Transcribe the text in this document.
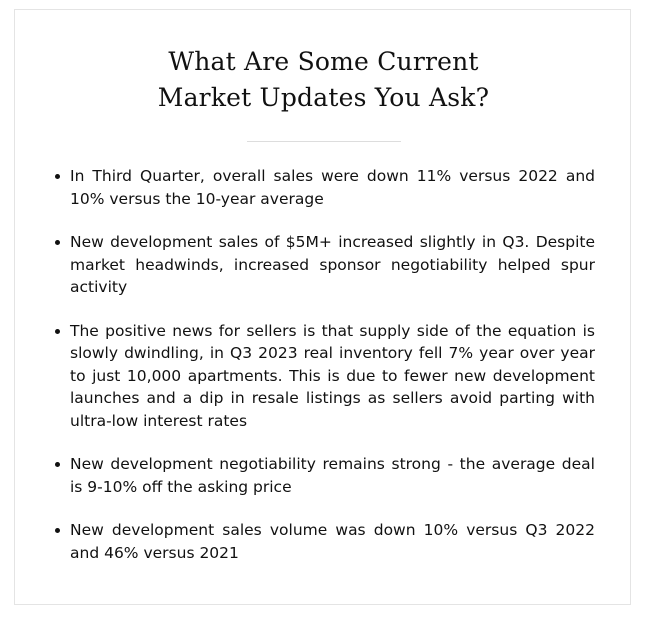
What Are Some Current
Market Updates You Ask?
In Third Quarter, overall sales were down 11% versus 2022 and 10% versus the 10-year average
New development sales of $5M+ increased slightly in Q3. Despite market headwinds, increased sponsor negotiability helped spur activity
The positive news for sellers is that supply side of the equation is slowly dwindling, in Q3 2023 real inventory fell 7% year over year to just 10,000 apartments. This is due to fewer new development launches and a dip in resale listings as sellers avoid parting with ultra-low interest rates
New development negotiability remains strong - the average deal is 9-10% off the asking price
New development sales volume was down 10% versus Q3 2022 and 46% versus 2021
